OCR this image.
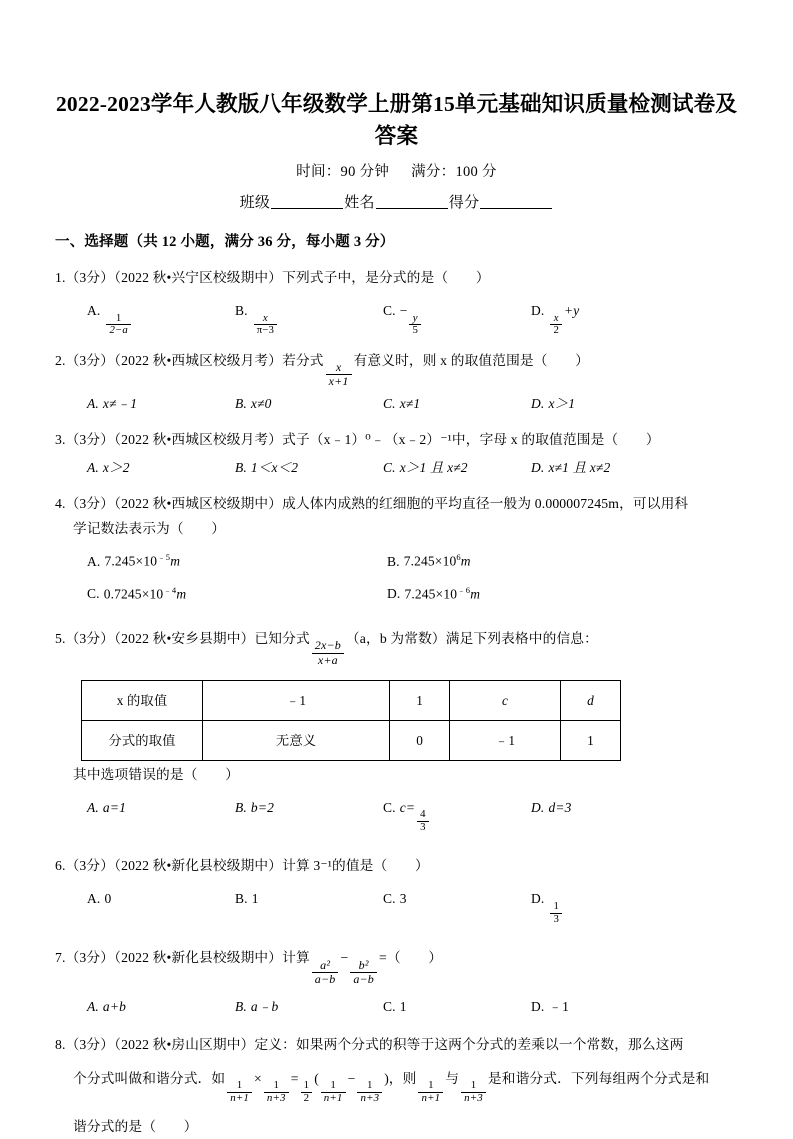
2022-2023学年人教版八年级数学上册第15单元基础知识质量检测试卷及答案
时间：90 分钟 满分：100 分
班级	姓名	得分
一、选择题（共 12 小题，满分 36 分，每小题 3 分）
1.（3分）（2022 秋•兴宁区校级期中）下列式子中，是分式的是（　　）
A.
$\frac{1}{2-a}$
B.
$\frac{x}{\pi-3}$
C. −
$\frac{y}{5}$
D.
$\frac{x}{2}$
+y
2.（3分）（2022 秋•西城区校级月考）若分式
$\frac{x}{x+1}$
有意义时，则 x 的取值范围是（　　）
A. x≠﹣1	B. x≠0	C. x≠1	D. x＞1
3.（3分）（2022 秋•西城区校级月考）式子（x﹣1）⁰﹣（x﹣2）⁻¹中，字母 x 的取值范围是（　　）
A. x＞2	B. 1＜x＜2	C. x＞1 且 x≠2	D. x≠1 且 x≠2
4.（3分）（2022 秋•西城区校级期中）成人体内成熟的红细胞的平均直径一般为 0.000007245m，可以用科
学记数法表示为（　　）
A. $7.245\times 10^{﹣5}m$	B. $7.245\times 10^6m$
C. $0.7245\times 10^{﹣4}m$	D. $7.245\times 10^{﹣6}m$
5.（3分）（2022 秋•安乡县期中）已知分式
$\frac{2x-b}{x+a}$
（a，b 为常数）满足下列表格中的信息：
x 的取值	﹣1	1	c	d
分式的取值	无意义	0	﹣1	1
其中选项错误的是（　　）
A. a=1	B. b=2	C. c=
$\frac{4}{3}$
D. d=3
6.（3分）（2022 秋•新化县校级期中）计算 3⁻¹的值是（　　）
A. 0	B. 1	C. 3	D.
$\frac{1}{3}$
7.（3分）（2022 秋•新化县校级期中）计算
$\frac{\text{a²}}{a-b}$
−
$\frac{\text{b²}}{a-b}$
=（　　）
A. a+b	B. a﹣b	C. 1	D. ﹣1
8.（3分）（2022 秋•房山区期中）定义：如果两个分式的积等于这两个分式的差乘以一个常数，那么这两
个分式叫做和谐分式．如
$\frac{1}{n+1}$
×
$\frac{1}{n+3}$
=
$\frac{1}{2}$
(
$\frac{1}{n+1}$
−
$\frac{1}{n+3}$
)，则
$\frac{1}{n+1}$
与
$\frac{1}{n+3}$
是和谐分式．下列每组两个分式是和
谐分式的是（　　）
